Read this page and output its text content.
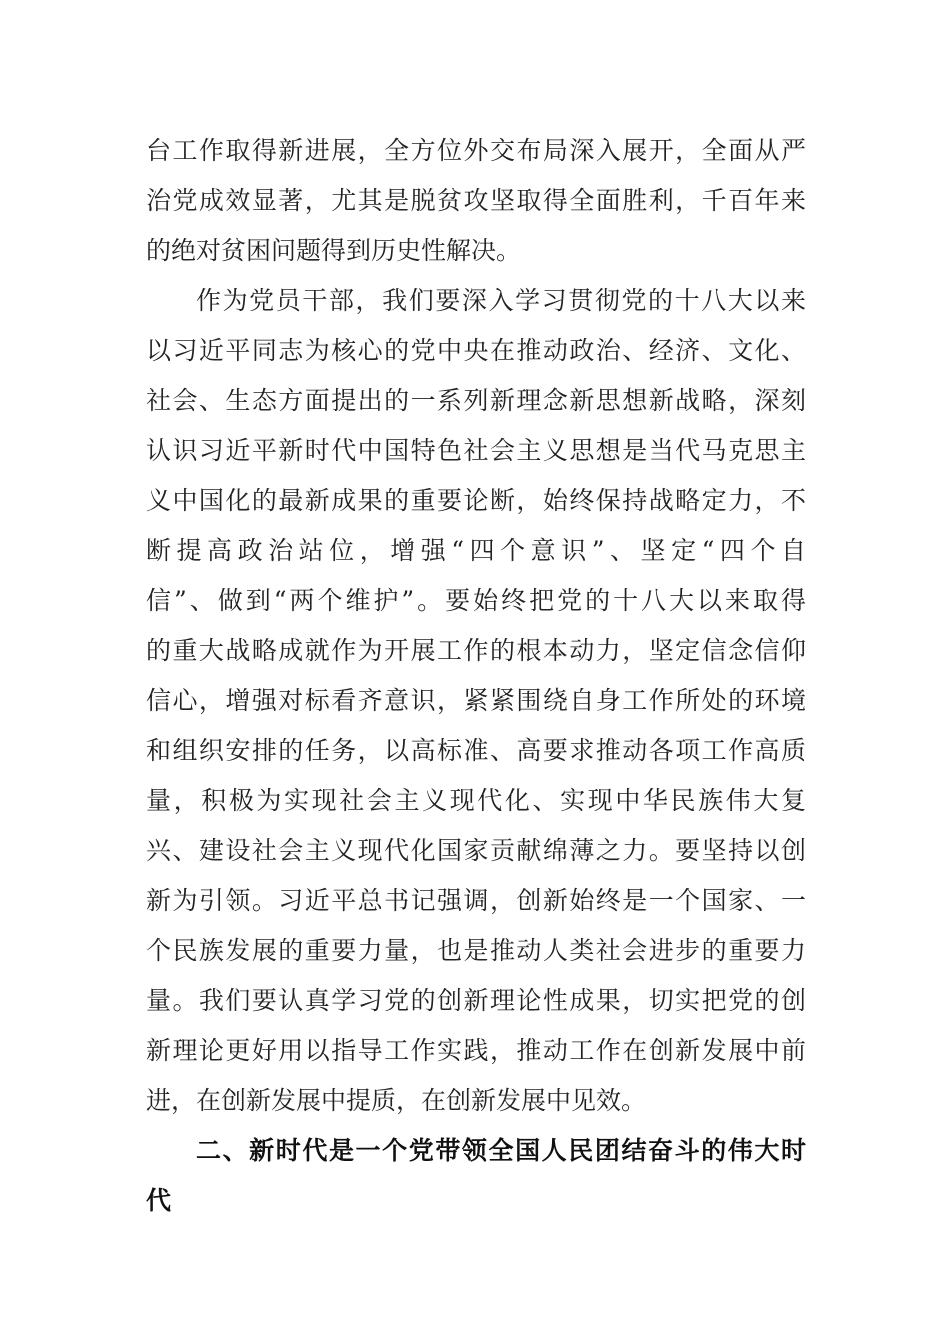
台工作取得新进展，全方位外交布局深入展开，全面从严
治党成效显著，尤其是脱贫攻坚取得全面胜利，千百年来
的绝对贫困问题得到历史性解决。
作为党员干部，我们要深入学习贯彻党的十八大以来
以习近平同志为核心的党中央在推动政治、经济、文化、
社会、生态方面提出的一系列新理念新思想新战略，深刻
认识习近平新时代中国特色社会主义思想是当代马克思主
义中国化的最新成果的重要论断，始终保持战略定力，不
断提高政治站位，增强“四个意识”、坚定“四个自
信”、做到“两个维护”。要始终把党的十八大以来取得
的重大战略成就作为开展工作的根本动力，坚定信念信仰
信心，增强对标看齐意识，紧紧围绕自身工作所处的环境
和组织安排的任务，以高标准、高要求推动各项工作高质
量，积极为实现社会主义现代化、实现中华民族伟大复
兴、建设社会主义现代化国家贡献绵薄之力。要坚持以创
新为引领。习近平总书记强调，创新始终是一个国家、一
个民族发展的重要力量，也是推动人类社会进步的重要力
量。我们要认真学习党的创新理论性成果，切实把党的创
新理论更好用以指导工作实践，推动工作在创新发展中前
进，在创新发展中提质，在创新发展中见效。
二、新时代是一个党带领全国人民团结奋斗的伟大时
代
